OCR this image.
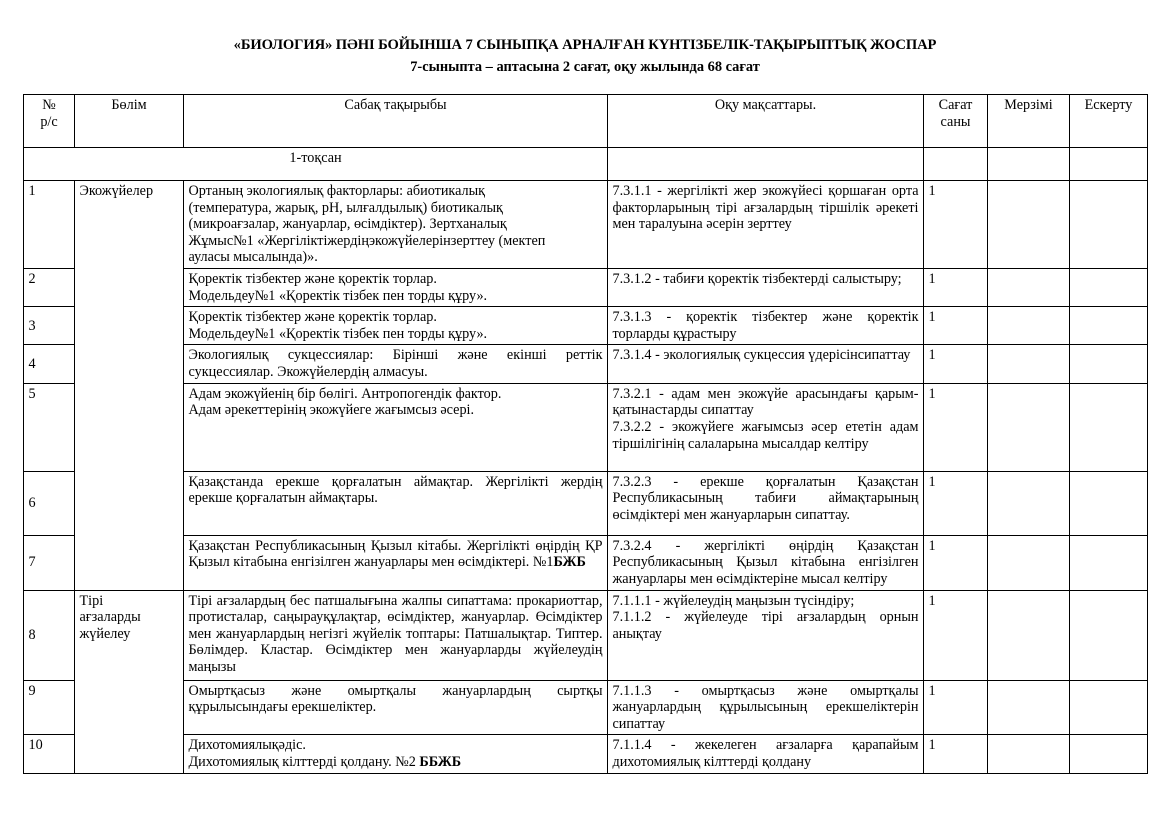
«БИОЛОГИЯ» ПӘНІ БОЙЫНША 7 СЫНЫПҚА АРНАЛҒАН КҮНТІЗБЕЛІК-ТАҚЫРЫПТЫҚ ЖОСПАР
7-сыныпта – аптасына 2 сағат, оқу жылында 68 сағат
№
р/с	Бөлім	Сабақ тақырыбы	Оқу мақсаттары.	Сағат
саны	Мерзімі	Ескерту
1-тоқсан						
1	Экожүйелер	Ортаның экологиялық факторлары: абиотикалық
(температура, жарық, рН, ылғалдылық) биотикалық
(микроағзалар, жануарлар, өсімдіктер). Зертханалық
Жұмыс№1 «Жергіліктіжердіңэкожүйелерінзерттеу (мектеп
ауласы мысалында)».	7.3.1.1 - жергілікті жер экожүйесі қоршаған орта факторларының тірі ағзалардың тіршілік әрекеті мен таралуына әсерін зерттеу	1		
2		Қоректік тізбектер және қоректік торлар.
Модельдеу№1 «Қоректік тізбек пен торды құру».	7.3.1.2 - табиғи қоректік тізбектерді салыстыру;	1		
3		Қоректік тізбектер және қоректік торлар.
Модельдеу№1 «Қоректік тізбек пен торды құру».	7.3.1.3 - қоректік тізбектер және қоректік торларды құрастыру	1		
4		Экологиялық сукцессиялар: Бірінші және екінші реттік сукцессиялар. Экожүйелердің алмасуы.	7.3.1.4 - экологиялық сукцессия үдерісінсипаттау	1		
5		Адам экожүйенің бір бөлігі. Антропогендік фактор.
Адам әрекеттерінің экожүйеге жағымсыз әсері.	7.3.2.1 - адам мен экожүйе арасындағы қарым-қатынастарды сипаттау
7.3.2.2 - экожүйеге жағымсыз әсер ететін адам тіршілігінің салаларына мысалдар келтіру	1		
6		Қазақстанда ерекше қорғалатын аймақтар. Жергілікті жердің ерекше қорғалатын аймақтары.	7.3.2.3 - ерекше қорғалатын Қазақстан Республикасының табиғи аймақтарының өсімдіктері мен жануарларын сипаттау.	1		
7		Қазақстан Республикасының Қызыл кітабы. Жергілікті өңірдің ҚР Қызыл кітабына енгізілген жануарлары мен өсімдіктері. №1БЖБ	7.3.2.4 - жергілікті өңірдің Қазақстан Республикасының Қызыл кітабына енгізілген жануарлары мен өсімдіктеріне мысал келтіру	1		
8	
Тірі
ағзаларды
жүйелеу
	Тірі ағзалардың бес патшалығына жалпы сипаттама: прокариоттар, протисталар, саңырауқұлақтар, өсімдіктер, жануарлар. Өсімдіктер мен жануарлардың негізгі жүйелік топтары: Патшалықтар. Типтер. Бөлімдер. Кластар. Өсімдіктер мен жануарларды жүйелеудің маңызы	
7.1.1.1 - жүйелеудің маңызын түсіндіру;
7.1.1.2 - жүйелеуде тірі ағзалардың орнын анықтау
	1		
9		Омыртқасыз және омыртқалы жануарлардың сыртқы құрылысындағы ерекшеліктер.	7.1.1.3 - омыртқасыз және омыртқалы жануарлардың құрылысының ерекшеліктерін сипаттау	1		
10		Дихотомиялықәдіс.
Дихотомиялық кілттерді қолдану. №2 ББЖБ	7.1.1.4 - жекелеген ағзаларға қарапайым дихотомиялық кілттерді қолдану	1		
